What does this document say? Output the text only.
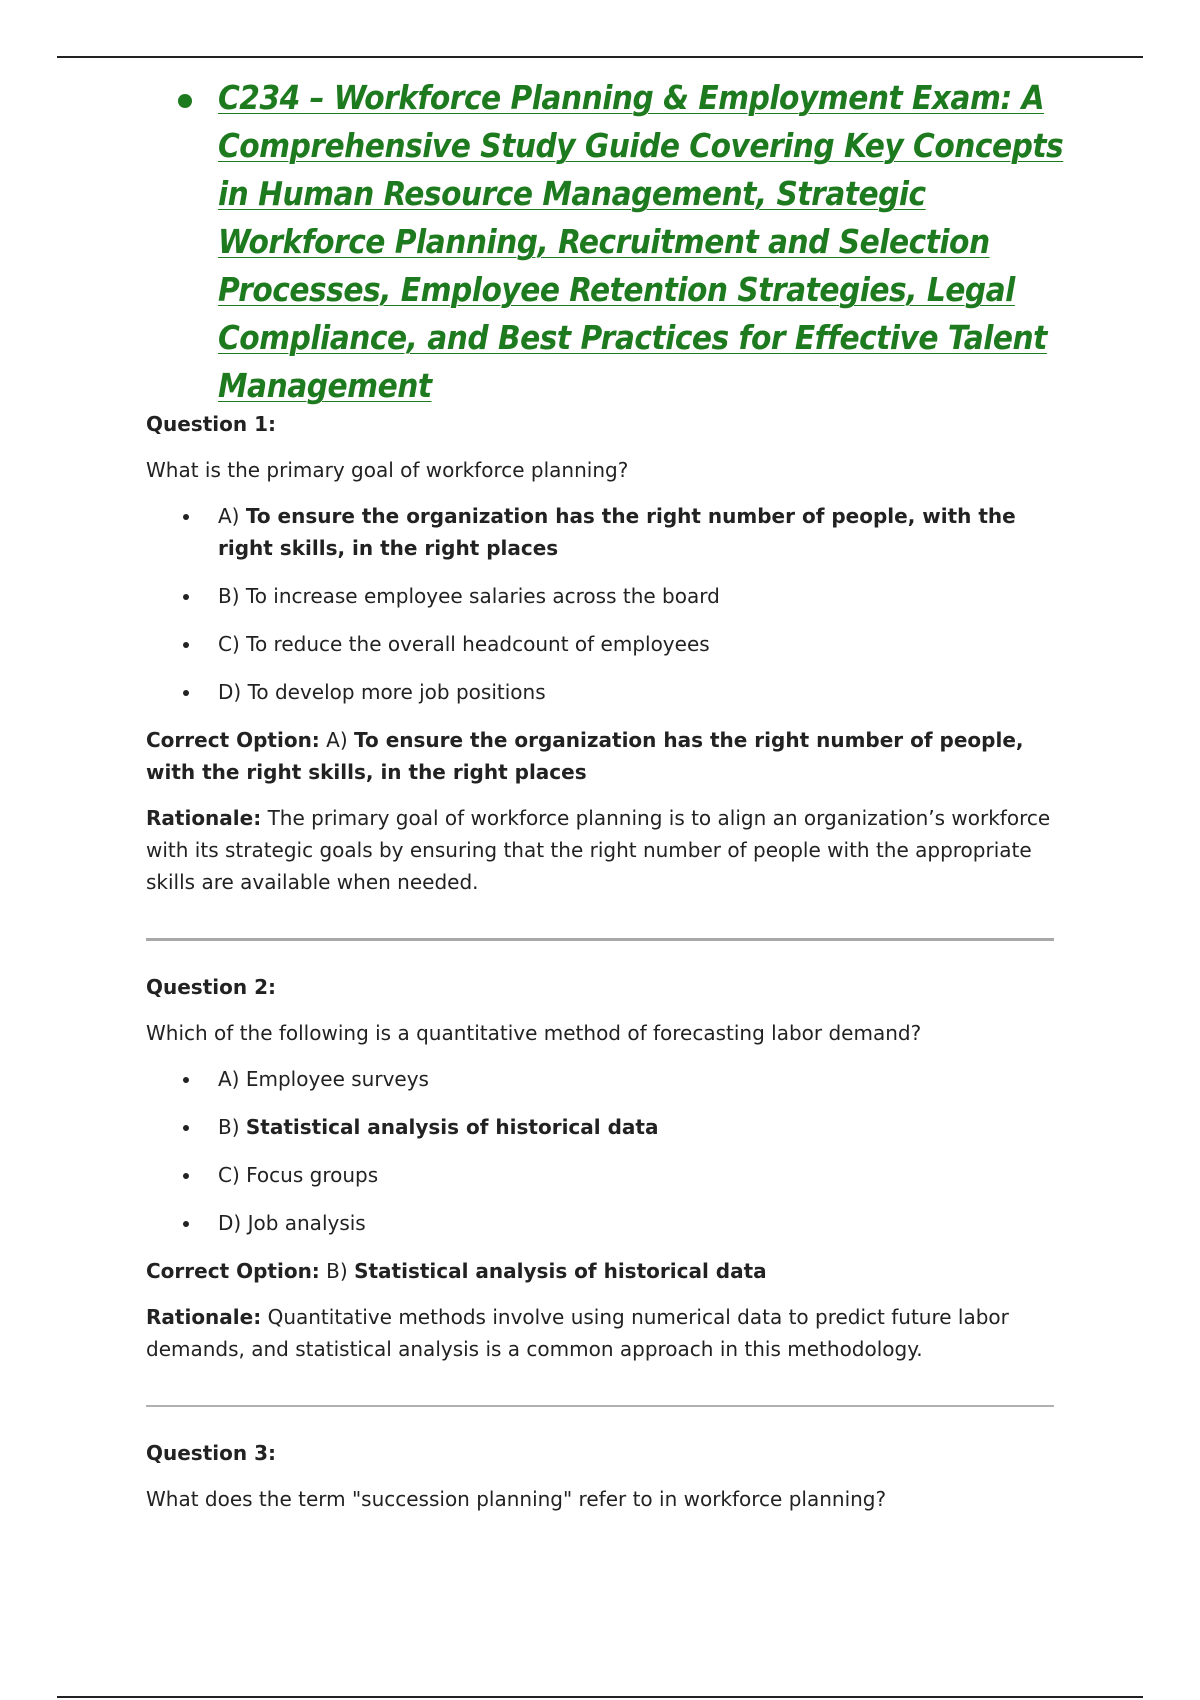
C234 – Workforce Planning & Employment Exam: A Comprehensive Study Guide Covering Key Concepts in Human Resource Management, Strategic Workforce Planning, Recruitment and Selection Processes, Employee Retention Strategies, Legal Compliance, and Best Practices for Effective Talent Management

Question 1:

What is the primary goal of workforce planning?

A) To ensure the organization has the right number of people, with the right skills, in the right places
B) To increase employee salaries across the board
C) To reduce the overall headcount of employees
D) To develop more job positions

Correct Option: A) To ensure the organization has the right number of people, with the right skills, in the right places

Rationale: The primary goal of workforce planning is to align an organization’s workforce with its strategic goals by ensuring that the right number of people with the appropriate skills are available when needed.

Question 2:

Which of the following is a quantitative method of forecasting labor demand?

A) Employee surveys
B) Statistical analysis of historical data
C) Focus groups
D) Job analysis

Correct Option: B) Statistical analysis of historical data

Rationale: Quantitative methods involve using numerical data to predict future labor demands, and statistical analysis is a common approach in this methodology.

Question 3:

What does the term "succession planning" refer to in workforce planning?
